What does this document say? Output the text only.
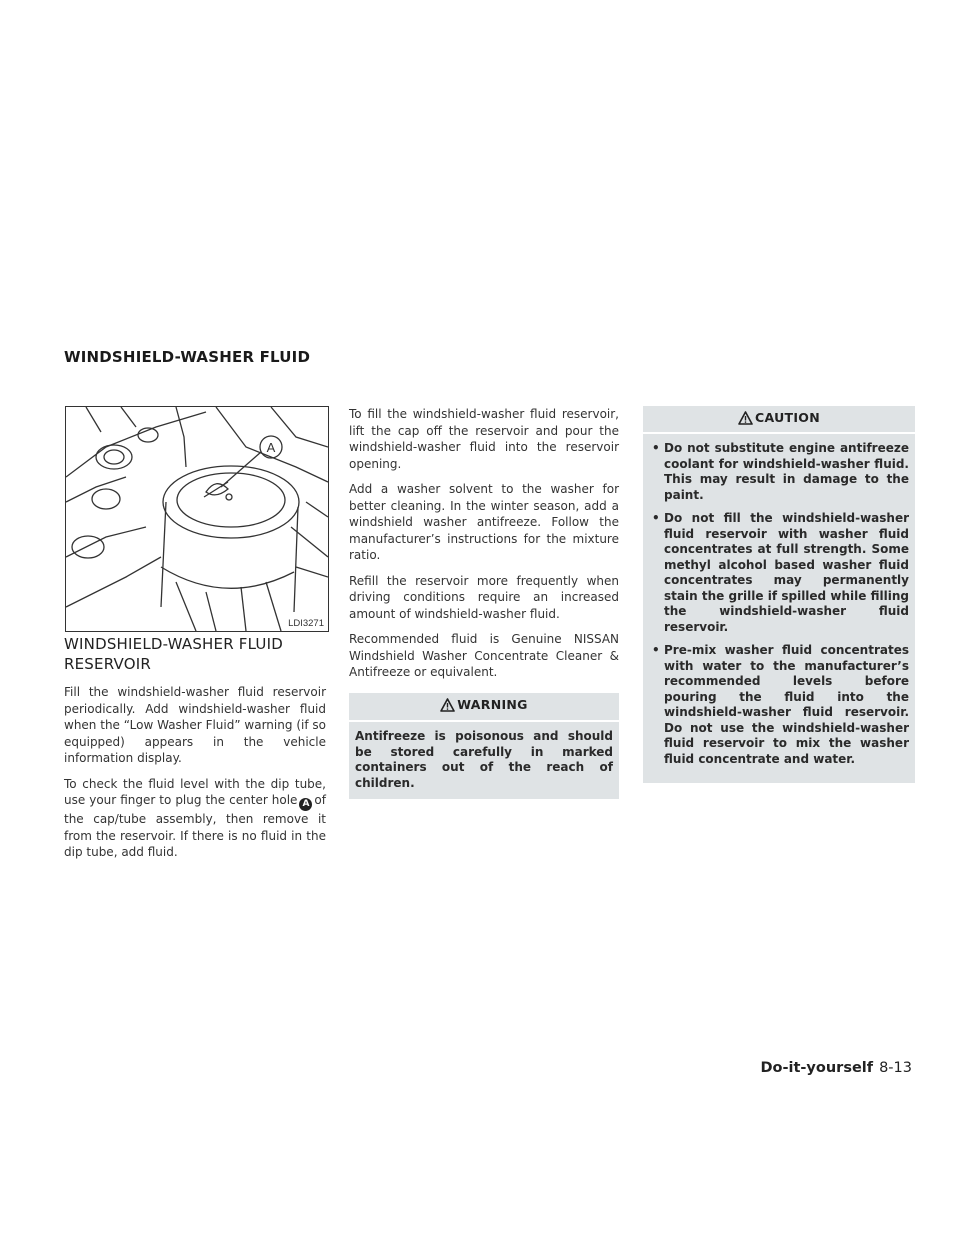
WINDSHIELD-WASHER FLUID
A
LDI3271
WINDSHIELD-WASHER FLUID RESERVOIR

Fill the windshield-washer fluid reservoir periodically. Add windshield-washer fluid when the “Low Washer Fluid” warning (if so equipped) appears in the vehicle information display.

To check the fluid level with the dip tube, use your finger to plug the center hole A of the cap/tube assembly, then remove it from the reservoir. If there is no fluid in the dip tube, add fluid.

To fill the windshield-washer fluid reservoir, lift the cap off the reservoir and pour the windshield-washer fluid into the reservoir opening.

Add a washer solvent to the washer for better cleaning. In the winter season, add a windshield washer antifreeze. Follow the manufacturer’s instructions for the mixture ratio.

Refill the reservoir more frequently when driving conditions require an increased amount of windshield-washer fluid.

Recommended fluid is Genuine NISSAN Windshield Washer Concentrate Cleaner & Antifreeze or equivalent.

WARNING
Antifreeze is poisonous and should be stored carefully in marked containers out of the reach of children.
CAUTION
• Do not substitute engine antifreeze coolant for windshield-washer fluid. This may result in damage to the paint.
• Do not fill the windshield-washer fluid reservoir with washer fluid concentrates at full strength. Some methyl alcohol based washer fluid concentrates may permanently stain the grille if spilled while filling the windshield-washer fluid reservoir.
• Pre-mix washer fluid concentrates with water to the manufacturer’s recommended levels before pouring the fluid into the windshield-washer fluid reservoir. Do not use the windshield-washer fluid reservoir to mix the washer fluid concentrate and water.
Do-it-yourself 8-13
